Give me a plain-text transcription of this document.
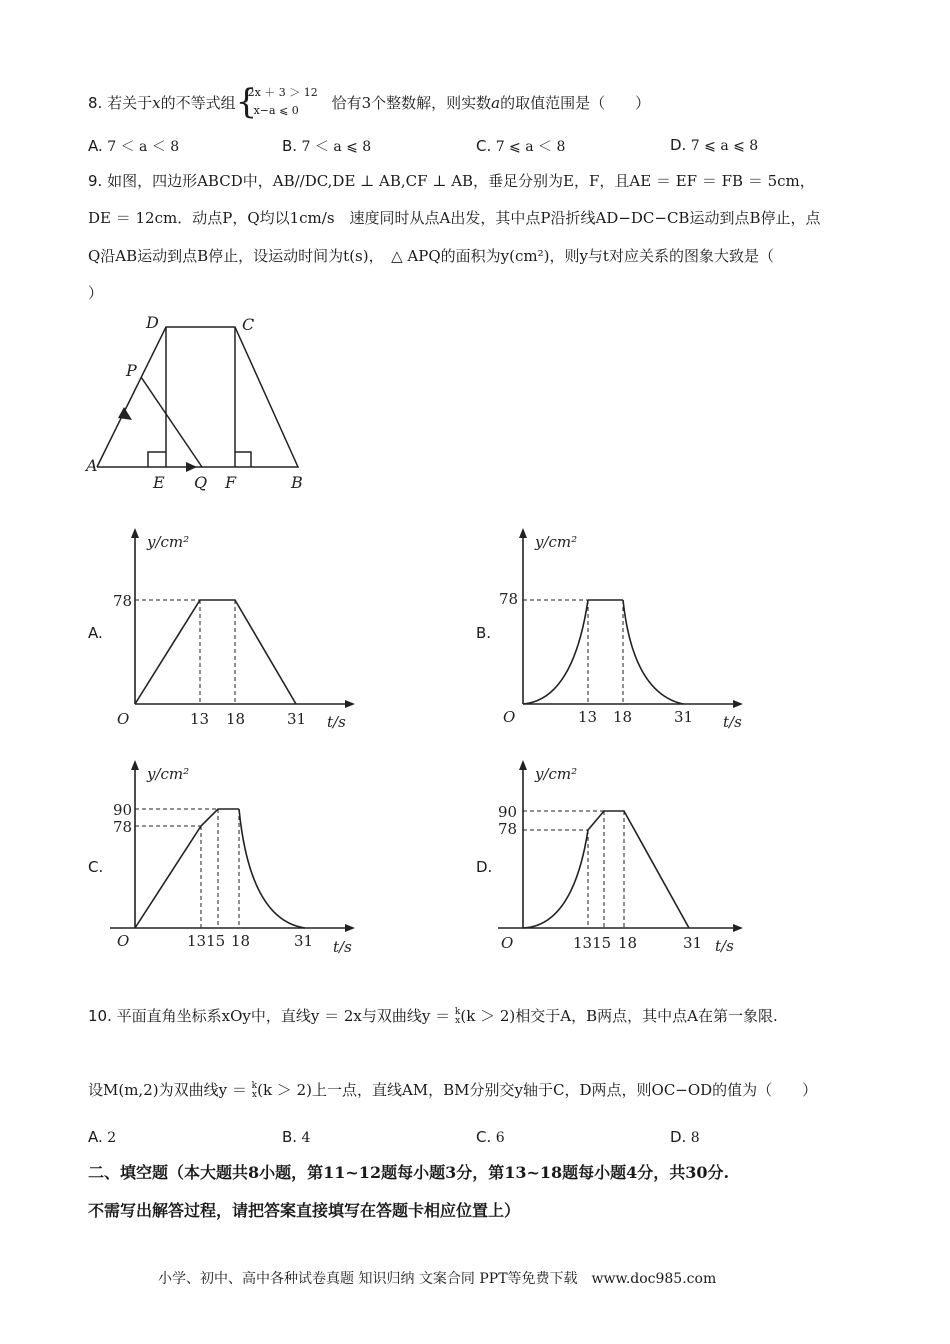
8. 若关于x的不等式组 {
2x ＋ 3 ＞ 12
x−a ⩽ 0 恰有3个整数解，则实数a的取值范围是（　　）
A. 7 ＜ a ＜ 8	B. 7 ＜ a ⩽ 8	C. 7 ⩽ a ＜ 8	D. 7 ⩽ a ⩽ 8
9. 如图，四边形ABCD中，AB//DC,DE ⊥ AB,CF ⊥ AB，垂足分别为E，F，且AE ＝ EF ＝ FB ＝ 5cm，
DE ＝ 12cm．动点P，Q均以1cm/s　速度同时从点A出发，其中点P沿折线AD−DC−CB运动到点B停止，点
Q沿AB运动到点B停止，设运动时间为t(s)，　△ APQ的面积为y(cm²)，则y与t对应关系的图象大致是（
）
D	C
P
A
E Q F	B
A.
y/cm²
78
O	13 18	31 t/s
B.
y/cm²
78
O	13 18	31 t/s
C.
y/cm²
90
78
O	1315 18	31 t/s
D.
y/cm²
90
78
O	1315 18	31 t/s
10. 平面直角坐标系xOy中，直线y ＝ 2x与双曲线y ＝ k
x (k ＞ 2)相交于A，B两点，其中点A在第一象限.
设M(m,2)为双曲线y ＝ k
x (k ＞ 2)上一点，直线AM，BM分别交y轴于C，D两点，则OC−OD的值为（　　）
A. 2	B. 4	C. 6	D. 8
二、填空题（本大题共8小题，第11~12题每小题3分，第13~18题每小题4分，共30分.
不需写出解答过程，请把答案直接填写在答题卡相应位置上）
小学、初中、高中各种试卷真题 知识归纳 文案合同 PPT等免费下载　www.doc985.com
